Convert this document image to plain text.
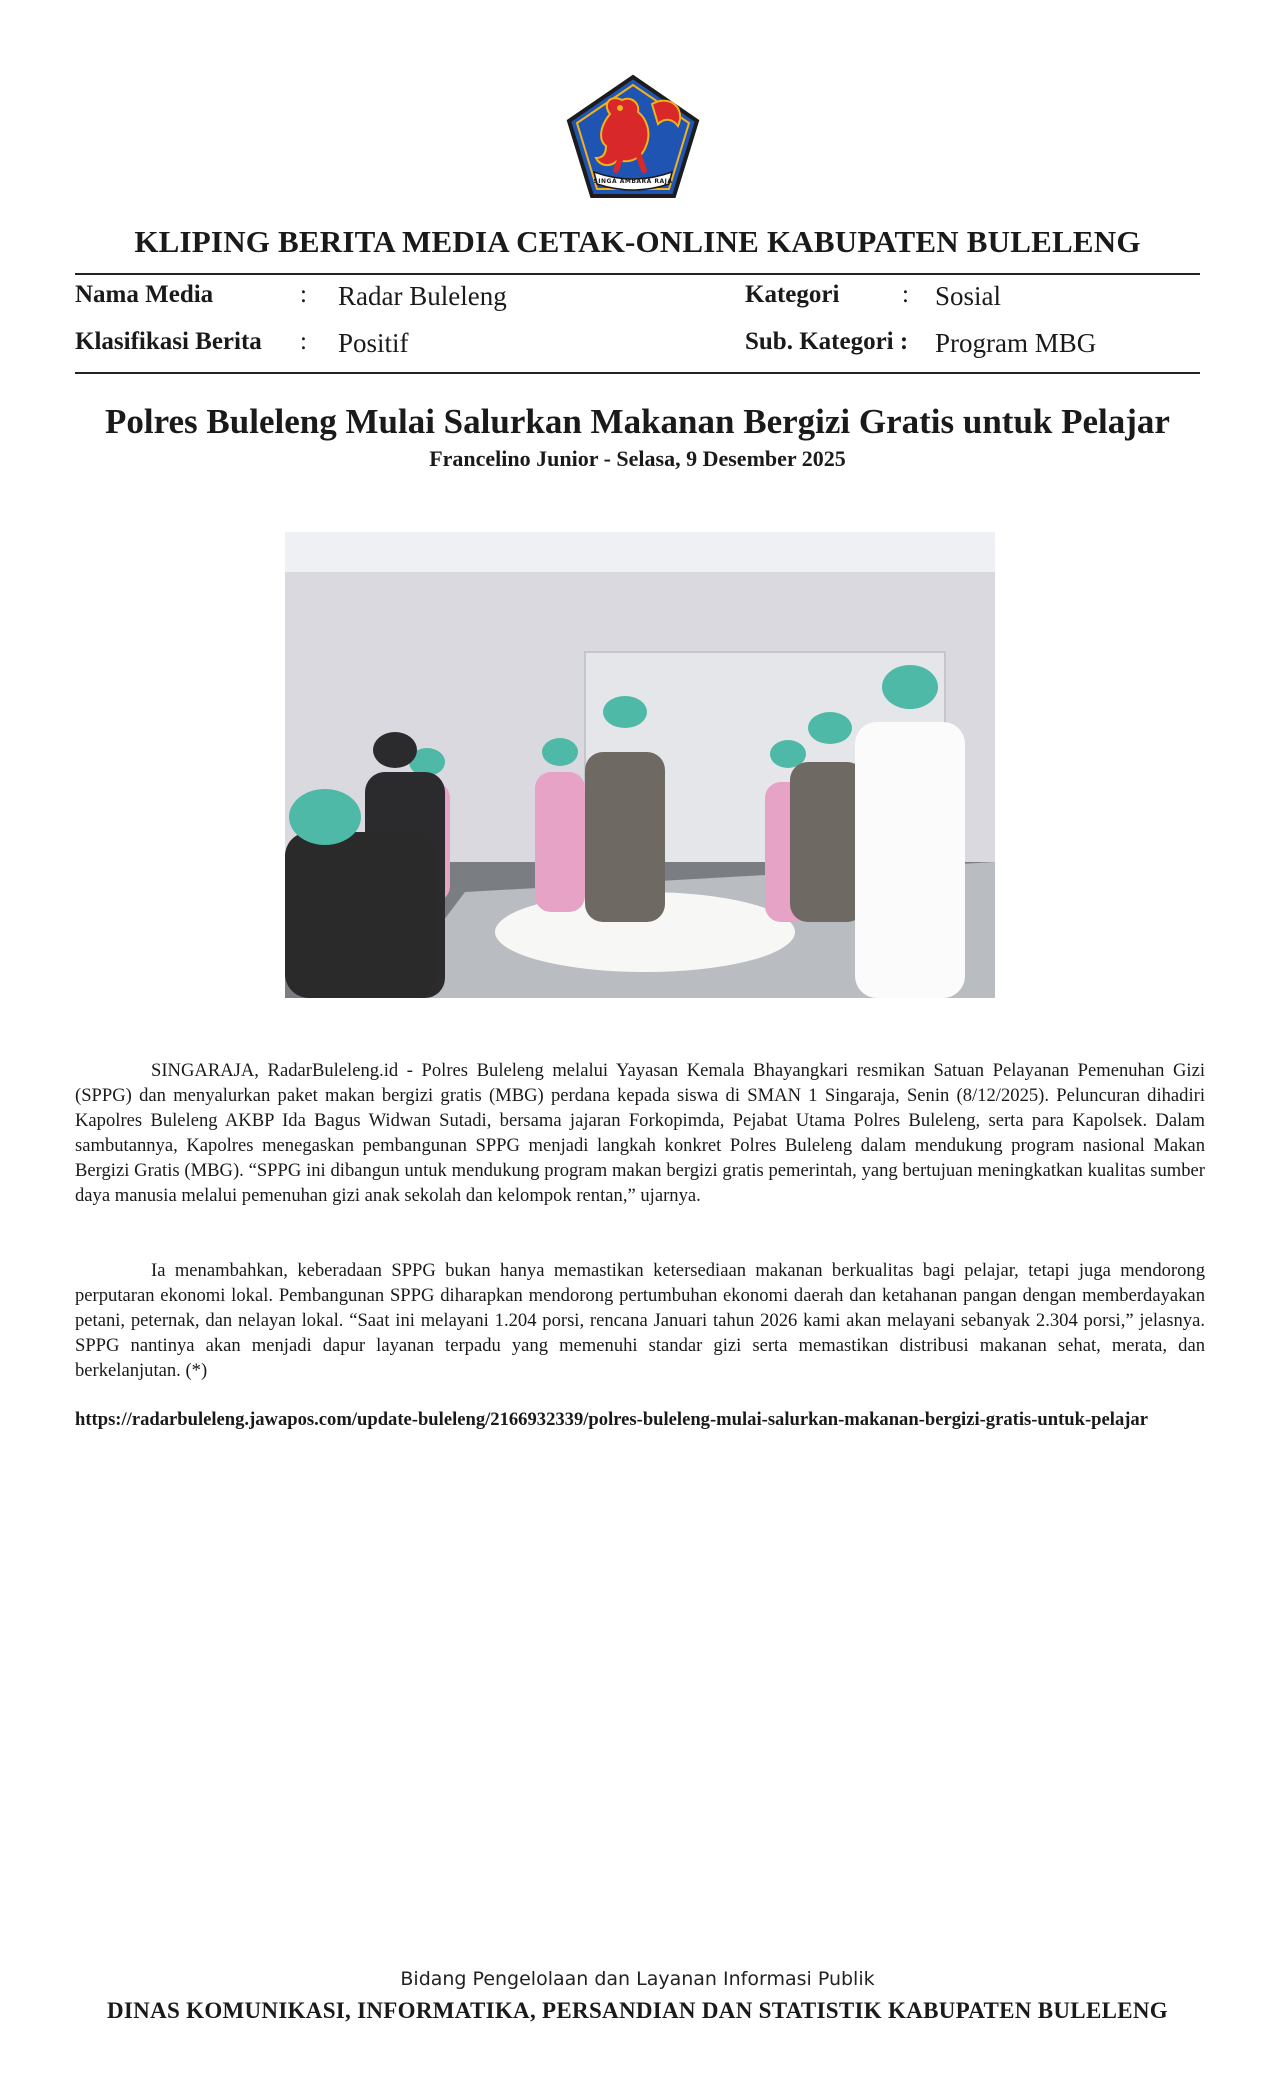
SINGA AMBARA RAJA
KLIPING BERITA MEDIA CETAK-ONLINE KABUPATEN BULELENG
Nama Media	: Radar Buleleng	Kategori	: Sosial
Klasifikasi Berita : Positif	Sub. Kategori : Program MBG
Polres Buleleng Mulai Salurkan Makanan Bergizi Gratis untuk Pelajar
Francelino Junior - Selasa, 9 Desember 2025

SINGARAJA, RadarBuleleng.id - Polres Buleleng melalui Yayasan Kemala Bhayangkari resmikan Satuan Pelayanan Pemenuhan Gizi (SPPG) dan menyalurkan paket makan bergizi gratis (MBG) perdana kepada siswa di SMAN 1 Singaraja, Senin (8/12/2025). Peluncuran dihadiri Kapolres Buleleng AKBP Ida Bagus Widwan Sutadi, bersama jajaran Forkopimda, Pejabat Utama Polres Buleleng, serta para Kapolsek. Dalam sambutannya, Kapolres menegaskan pembangunan SPPG menjadi langkah konkret Polres Buleleng dalam mendukung program nasional Makan Bergizi Gratis (MBG). “SPPG ini dibangun untuk mendukung program makan bergizi gratis pemerintah, yang bertujuan meningkatkan kualitas sumber daya manusia melalui pemenuhan gizi anak sekolah dan kelompok rentan,” ujarnya.

Ia menambahkan, keberadaan SPPG bukan hanya memastikan ketersediaan makanan berkualitas bagi pelajar, tetapi juga mendorong perputaran ekonomi lokal. Pembangunan SPPG diharapkan mendorong pertumbuhan ekonomi daerah dan ketahanan pangan dengan memberdayakan petani, peternak, dan nelayan lokal. “Saat ini melayani 1.204 porsi, rencana Januari tahun 2026 kami akan melayani sebanyak 2.304 porsi,” jelasnya. SPPG nantinya akan menjadi dapur layanan terpadu yang memenuhi standar gizi serta memastikan distribusi makanan sehat, merata, dan berkelanjutan. (*)

https://radarbuleleng.jawapos.com/update-buleleng/2166932339/polres-buleleng-mulai-salurkan-makanan-bergizi-gratis-untuk-pelajar

Bidang Pengelolaan dan Layanan Informasi Publik
DINAS KOMUNIKASI, INFORMATIKA, PERSANDIAN DAN STATISTIK KABUPATEN BULELENG
